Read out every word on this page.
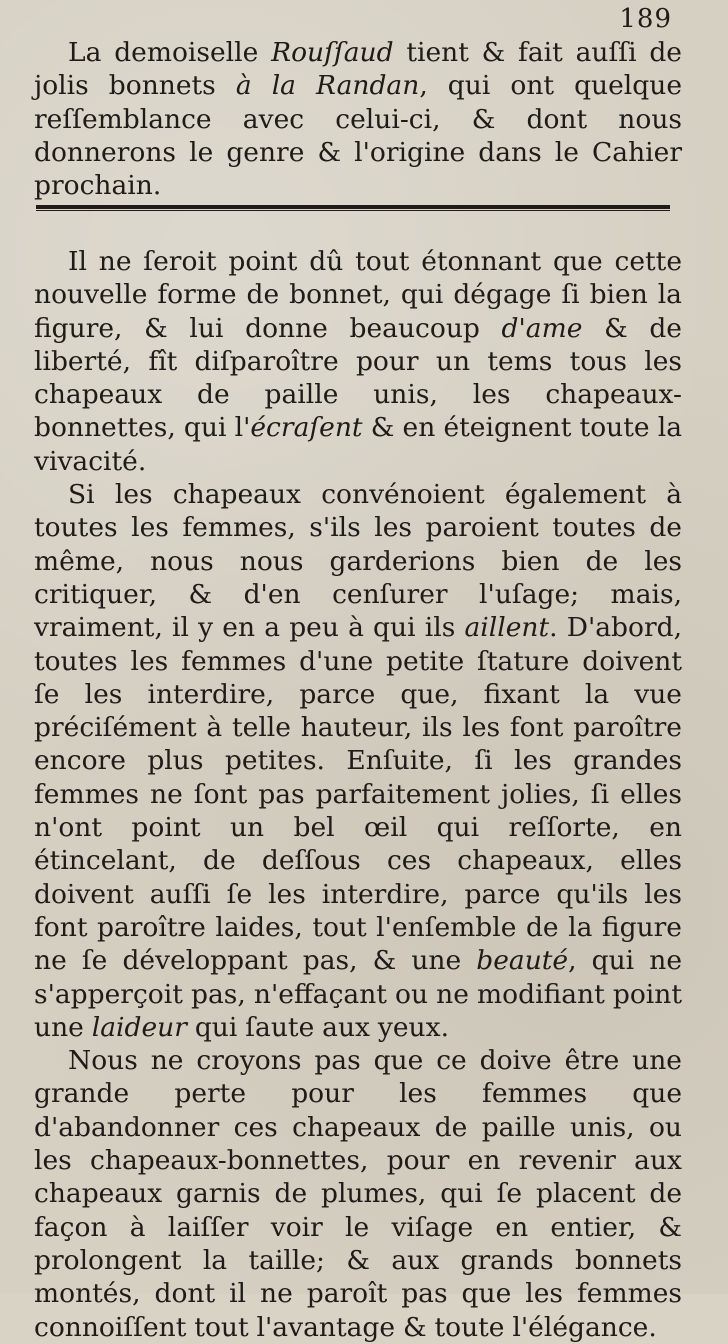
189

La demoiselle Rouſſaud tient & fait auſſi de jolis bonnets à la Randan, qui ont quelque reſſemblance avec celui-ci, & dont nous donnerons le genre & l'origine dans le Cahier prochain.

Il ne ſeroit point dû tout étonnant que cette nouvelle forme de bonnet, qui dégage ſi bien la figure, & lui donne beaucoup d'ame & de liberté, fît diſparoître pour un tems tous les chapeaux de paille unis, les chapeaux-bonnettes, qui l'écraſent & en éteignent toute la vivacité.

Si les chapeaux convénoient également à toutes les femmes, s'ils les paroient toutes de même, nous nous garderions bien de les critiquer, & d'en cenſurer l'uſage; mais, vraiment, il y en a peu à qui ils aillent. D'abord, toutes les femmes d'une petite ſtature doivent ſe les interdire, parce que, fixant la vue préciſément à telle hauteur, ils les font paroître encore plus petites. Enſuite, ſi les grandes femmes ne ſont pas parfaitement jolies, ſi elles n'ont point un bel œil qui reſſorte, en étincelant, de deſſous ces chapeaux, elles doivent auſſi ſe les interdire, parce qu'ils les font paroître laides, tout l'enſemble de la figure ne ſe développant pas, & une beauté, qui ne s'apperçoit pas, n'effaçant ou ne modifiant point une laideur qui ſaute aux yeux.

Nous ne croyons pas que ce doive être une grande perte pour les femmes que d'abandonner ces chapeaux de paille unis, ou les chapeaux-bonnettes, pour en revenir aux chapeaux garnis de plumes, qui ſe placent de façon à laiſſer voir le viſage en entier, & prolongent la taille; & aux grands bonnets montés, dont il ne paroît pas que les femmes connoiſſent tout l'avantage & toute l'élégance.
